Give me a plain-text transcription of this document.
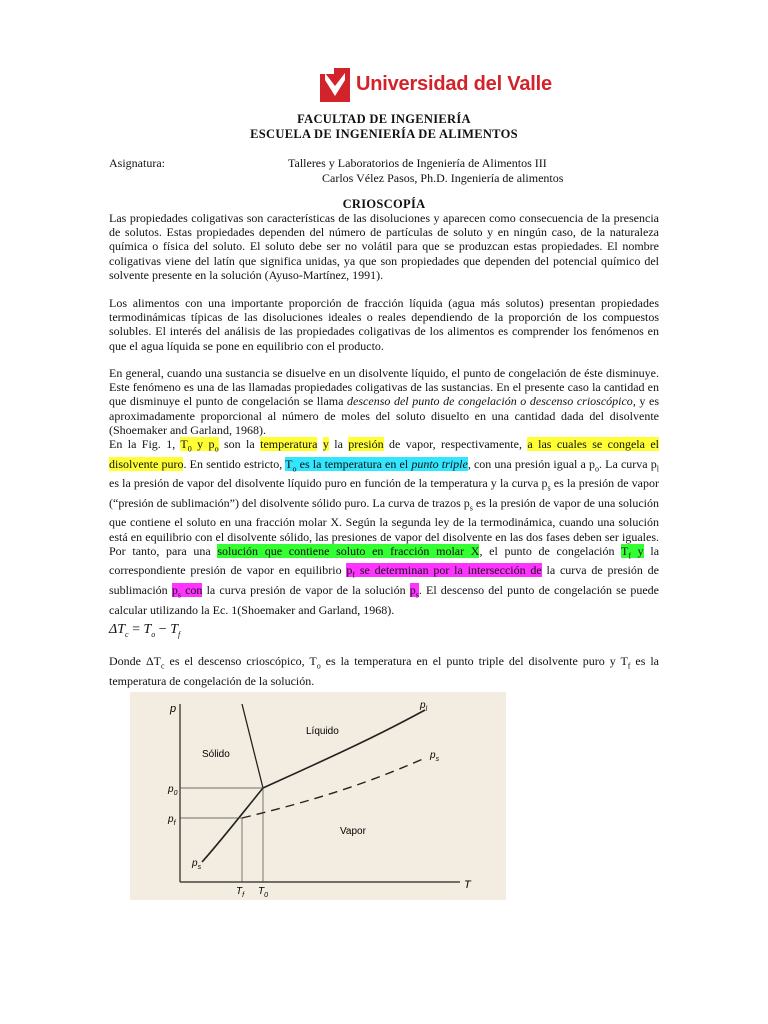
Universidad del Valle
FACULTAD DE INGENIERÍA
ESCUELA DE INGENIERÍA DE ALIMENTOS
Asignatura:	Talleres y Laboratorios de Ingeniería de Alimentos III
Carlos Vélez Pasos, Ph.D. Ingeniería de alimentos
CRIOSCOPÍA
Las propiedades coligativas son características de las disoluciones y aparecen como consecuencia de la presencia de solutos. Estas propiedades dependen del número de partículas de soluto y en ningún caso, de la naturaleza química o física del soluto. El soluto debe ser no volátil para que se produzcan estas propiedades. El nombre coligativas viene del latín que significa unidas, ya que son propiedades que dependen del potencial químico del solvente presente en la solución (Ayuso-Martínez, 1991).
Los alimentos con una importante proporción de fracción líquida (agua más solutos) presentan propiedades termodinámicas típicas de las disoluciones ideales o reales dependiendo de la proporción de los compuestos solubles. El interés del análisis de las propiedades coligativas de los alimentos es comprender los fenómenos en que el agua líquida se pone en equilibrio con el producto.
En general, cuando una sustancia se disuelve en un disolvente líquido, el punto de congelación de éste disminuye. Este fenómeno es una de las llamadas propiedades coligativas de las sustancias. En el presente caso la cantidad en que disminuye el punto de congelación se llama descenso del punto de congelación o descenso crioscópico, y es aproximadamente proporcional al número de moles del soluto disuelto en una cantidad dada del disolvente (Shoemaker and Garland, 1968).
En la Fig. 1, $T_0$ y $p_o$ son la temperatura y la presión de vapor, respectivamente, a las cuales se congela el disolvente puro. En sentido estricto, $T_o$ es la temperatura en el punto triple, con una presión igual a $p_o$. La curva $p_l$ es la presión de vapor del disolvente líquido puro en función de la temperatura y la curva $p_s$ es la presión de vapor (“presión de sublimación”) del disolvente sólido puro. La curva de trazos $p_s$ es la presión de vapor de una solución que contiene el soluto en una fracción molar X. Según la segunda ley de la termodinámica, cuando una solución está en equilibrio con el disolvente sólido, las presiones de vapor del disolvente en las dos fases deben ser iguales. Por tanto, para una solución que contiene soluto en fracción molar X, el punto de congelación $T_f$ y la correspondiente presión de vapor en equilibrio $p_f$ se determinan por la intersección de la curva de presión de sublimación $p_s$ con la curva presión de vapor de la solución $p_s$. El descenso del punto de congelación se puede calcular utilizando la Ec. 1(Shoemaker and Garland, 1968).
$\Delta T_c = T_o - T_f$
Donde $\Delta T_c$ es el descenso crioscópico, $T_o$ es la temperatura en el punto triple del disolvente puro y $T_f$ es la temperatura de congelación de la solución.
p
T
Sólido
Líquido
Vapor
$p_l$
$p_s$
$p_s$
$p_0$
$p_f$
$T_f$ $T_0$
